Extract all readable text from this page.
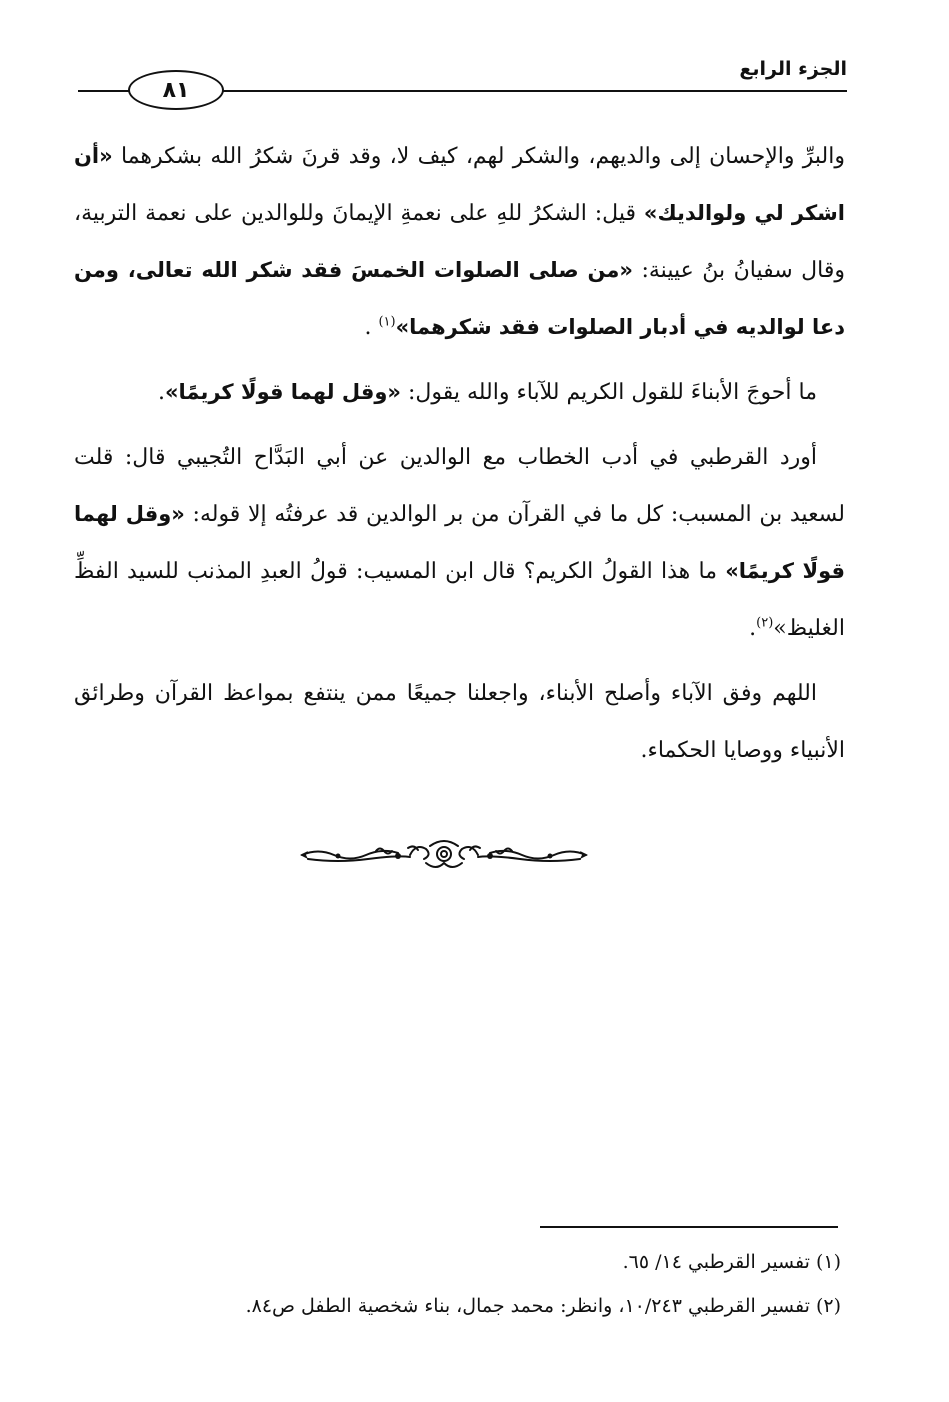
الجزء الرابع
٨١

والبرِّ والإحسان إلى والديهم، والشكر لهم، كيف لا، وقد قرنَ شكرُ الله بشكرهما «أن اشكر لي ولوالديك» قيل: الشكرُ للهِ على نعمةِ الإيمانَ وللوالدين على نعمة التربية، وقال سفيانُ بنُ عيينة: «من صلى الصلوات الخمسَ فقد شكر الله تعالى، ومن دعا لوالديه في أدبار الصلوات فقد شكرهما»$^{(١)}$ .

ما أحوجَ الأبناءَ للقول الكريم للآباء والله يقول: «وقل لهما قولًا كريمًا».

أورد القرطبي في أدب الخطاب مع الوالدين عن أبي البَدَّاح التُجيبي قال: قلت لسعيد بن المسبب: كل ما في القرآن من بر الوالدين قد عرفتُه إلا قوله: «وقل لهما قولًا كريمًا» ما هذا القولُ الكريم؟ قال ابن المسيب: قولُ العبدِ المذنب للسيد الفظِّ الغليظ»$^{(٢)}$.

اللهم وفق الآباء وأصلح الأبناء، واجعلنا جميعًا ممن ينتفع بمواعظ القرآن وطرائق الأنبياء ووصايا الحكماء.

(١) تفسير القرطبي ١٤/ ٦٥.

(٢) تفسير القرطبي ١٠/٢٤٣، وانظر: محمد جمال، بناء شخصية الطفل ص٨٤.
